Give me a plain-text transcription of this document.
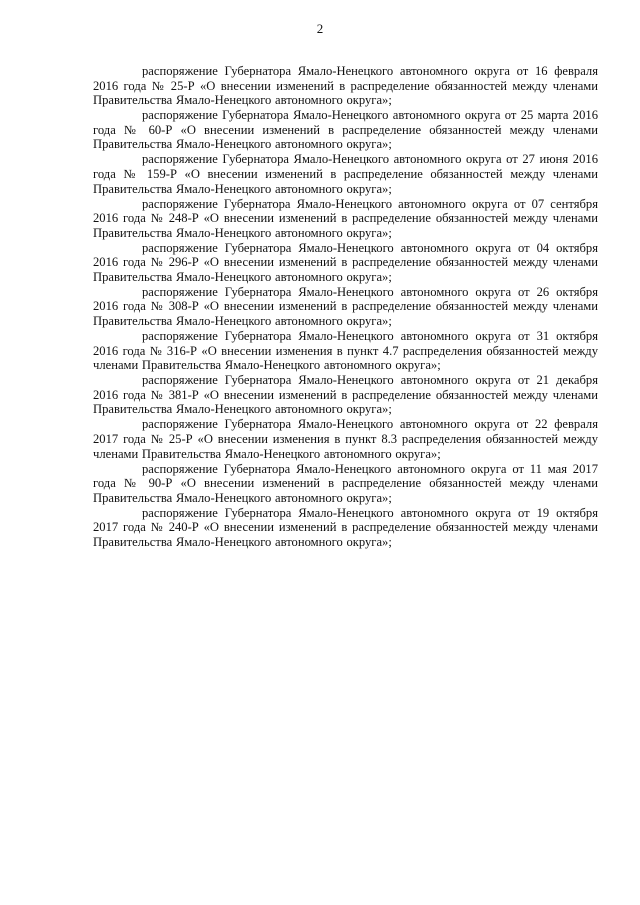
2

распоряжение Губернатора Ямало-Ненецкого автономного округа от 16 февраля 2016 года № 25-Р «О внесении изменений в распределение обязанностей между членами Правительства Ямало-Ненецкого автономного округа»;

распоряжение Губернатора Ямало-Ненецкого автономного округа от 25 марта 2016 года № 60-Р «О внесении изменений в распределение обязанностей между членами Правительства Ямало-Ненецкого автономного округа»;

распоряжение Губернатора Ямало-Ненецкого автономного округа от 27 июня 2016 года № 159-Р «О внесении изменений в распределение обязанностей между членами Правительства Ямало-Ненецкого автономного округа»;

распоряжение Губернатора Ямало-Ненецкого автономного округа от 07 сентября 2016 года № 248-Р «О внесении изменений в распределение обязанностей между членами Правительства Ямало-Ненецкого автономного округа»;

распоряжение Губернатора Ямало-Ненецкого автономного округа от 04 октября 2016 года № 296-Р «О внесении изменений в распределение обязанностей между членами Правительства Ямало-Ненецкого автономного округа»;

распоряжение Губернатора Ямало-Ненецкого автономного округа от 26 октября 2016 года № 308-Р «О внесении изменений в распределение обязанностей между членами Правительства Ямало-Ненецкого автономного округа»;

распоряжение Губернатора Ямало-Ненецкого автономного округа от 31 октября 2016 года № 316-Р «О внесении изменения в пункт 4.7 распределения обязанностей между членами Правительства Ямало-Ненецкого автономного округа»;

распоряжение Губернатора Ямало-Ненецкого автономного округа от 21 декабря 2016 года № 381-Р «О внесении изменений в распределение обязанностей между членами Правительства Ямало-Ненецкого автономного округа»;

распоряжение Губернатора Ямало-Ненецкого автономного округа от 22 февраля 2017 года № 25-Р «О внесении изменения в пункт 8.3 распределения обязанностей между членами Правительства Ямало-Ненецкого автономного округа»;

распоряжение Губернатора Ямало-Ненецкого автономного округа от 11 мая 2017 года № 90-Р «О внесении изменений в распределение обязанностей между членами Правительства Ямало-Ненецкого автономного округа»;

распоряжение Губернатора Ямало-Ненецкого автономного округа от 19 октября 2017 года № 240-Р «О внесении изменений в распределение обязанностей между членами Правительства Ямало-Ненецкого автономного округа»;
